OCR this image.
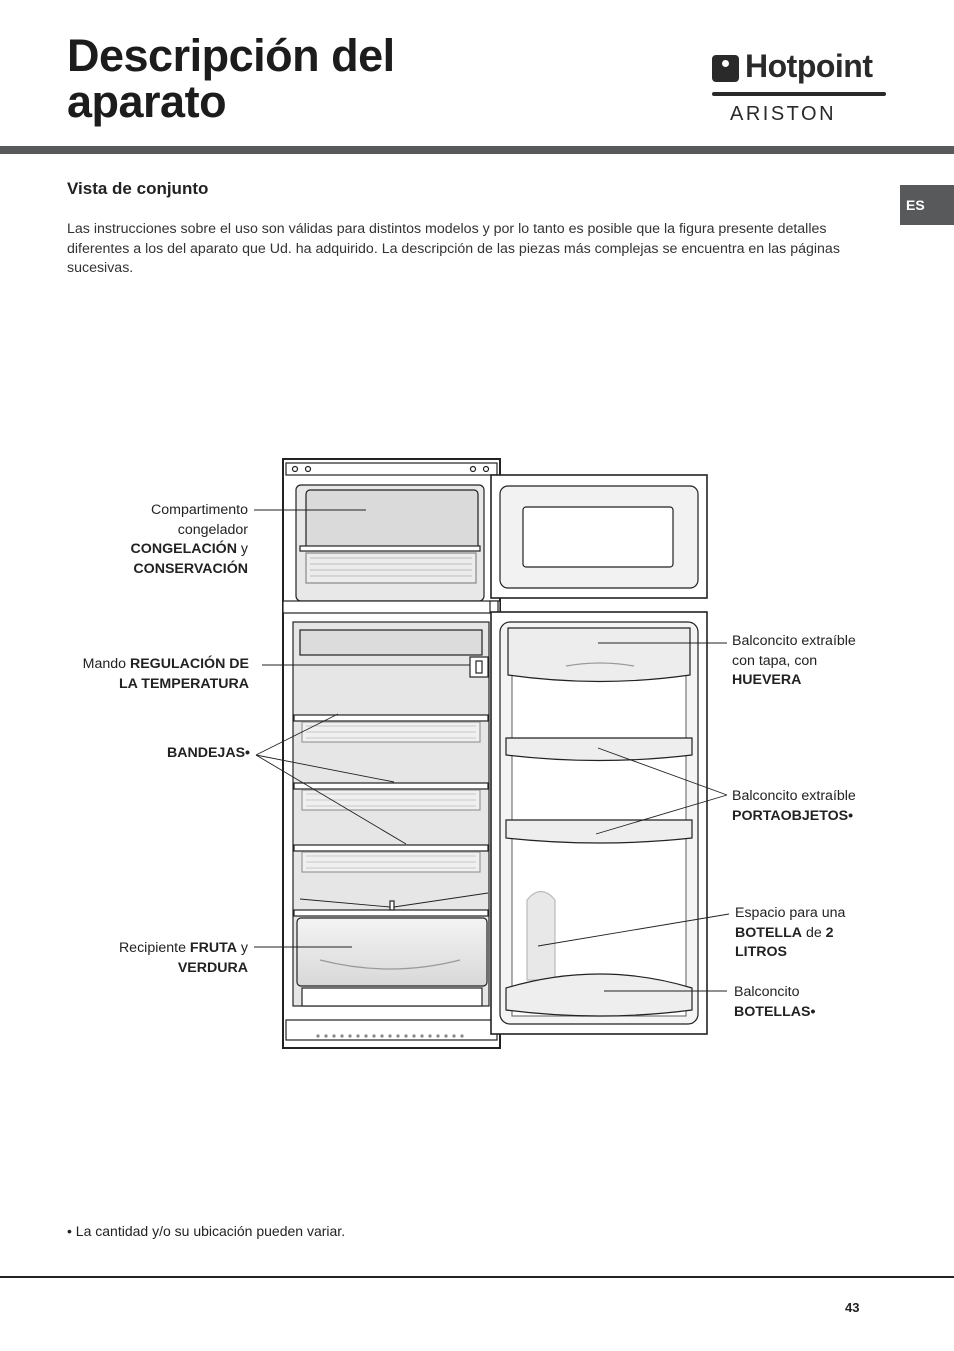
Descripción del
aparato
Hotpoint
ARISTON
ES
Vista de conjunto

Las instrucciones sobre el uso son válidas para distintos modelos y por lo tanto es posible que la figura presente detalles diferentes a los del aparato que Ud. ha adquirido. La descripción de las piezas más complejas se encuentra en las páginas sucesivas.

Compartimento
congelador
CONGELACIÓN y
CONSERVACIÓN
Mando REGULACIÓN DE
LA TEMPERATURA
BANDEJAS•
Recipiente FRUTA y
VERDURA
Balconcito extraíble
con tapa, con
HUEVERA
Balconcito extraíble
PORTAOBJETOS•
Espacio para una
BOTELLA de 2
LITROS
Balconcito
BOTELLAS•
• La cantidad y/o su ubicación pueden variar.
43
